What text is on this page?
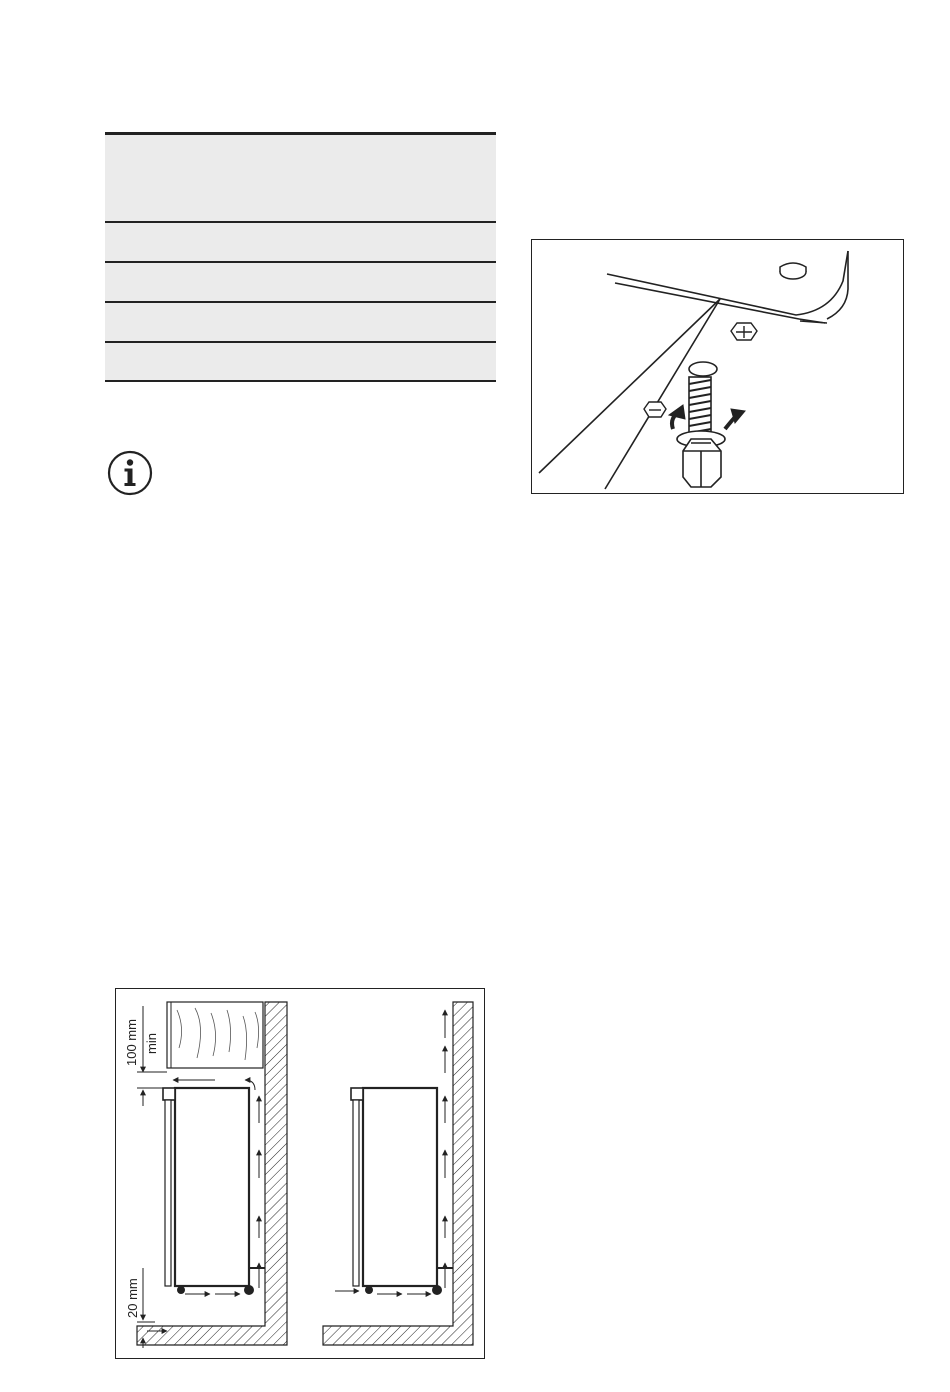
100 mm min
20 mm
